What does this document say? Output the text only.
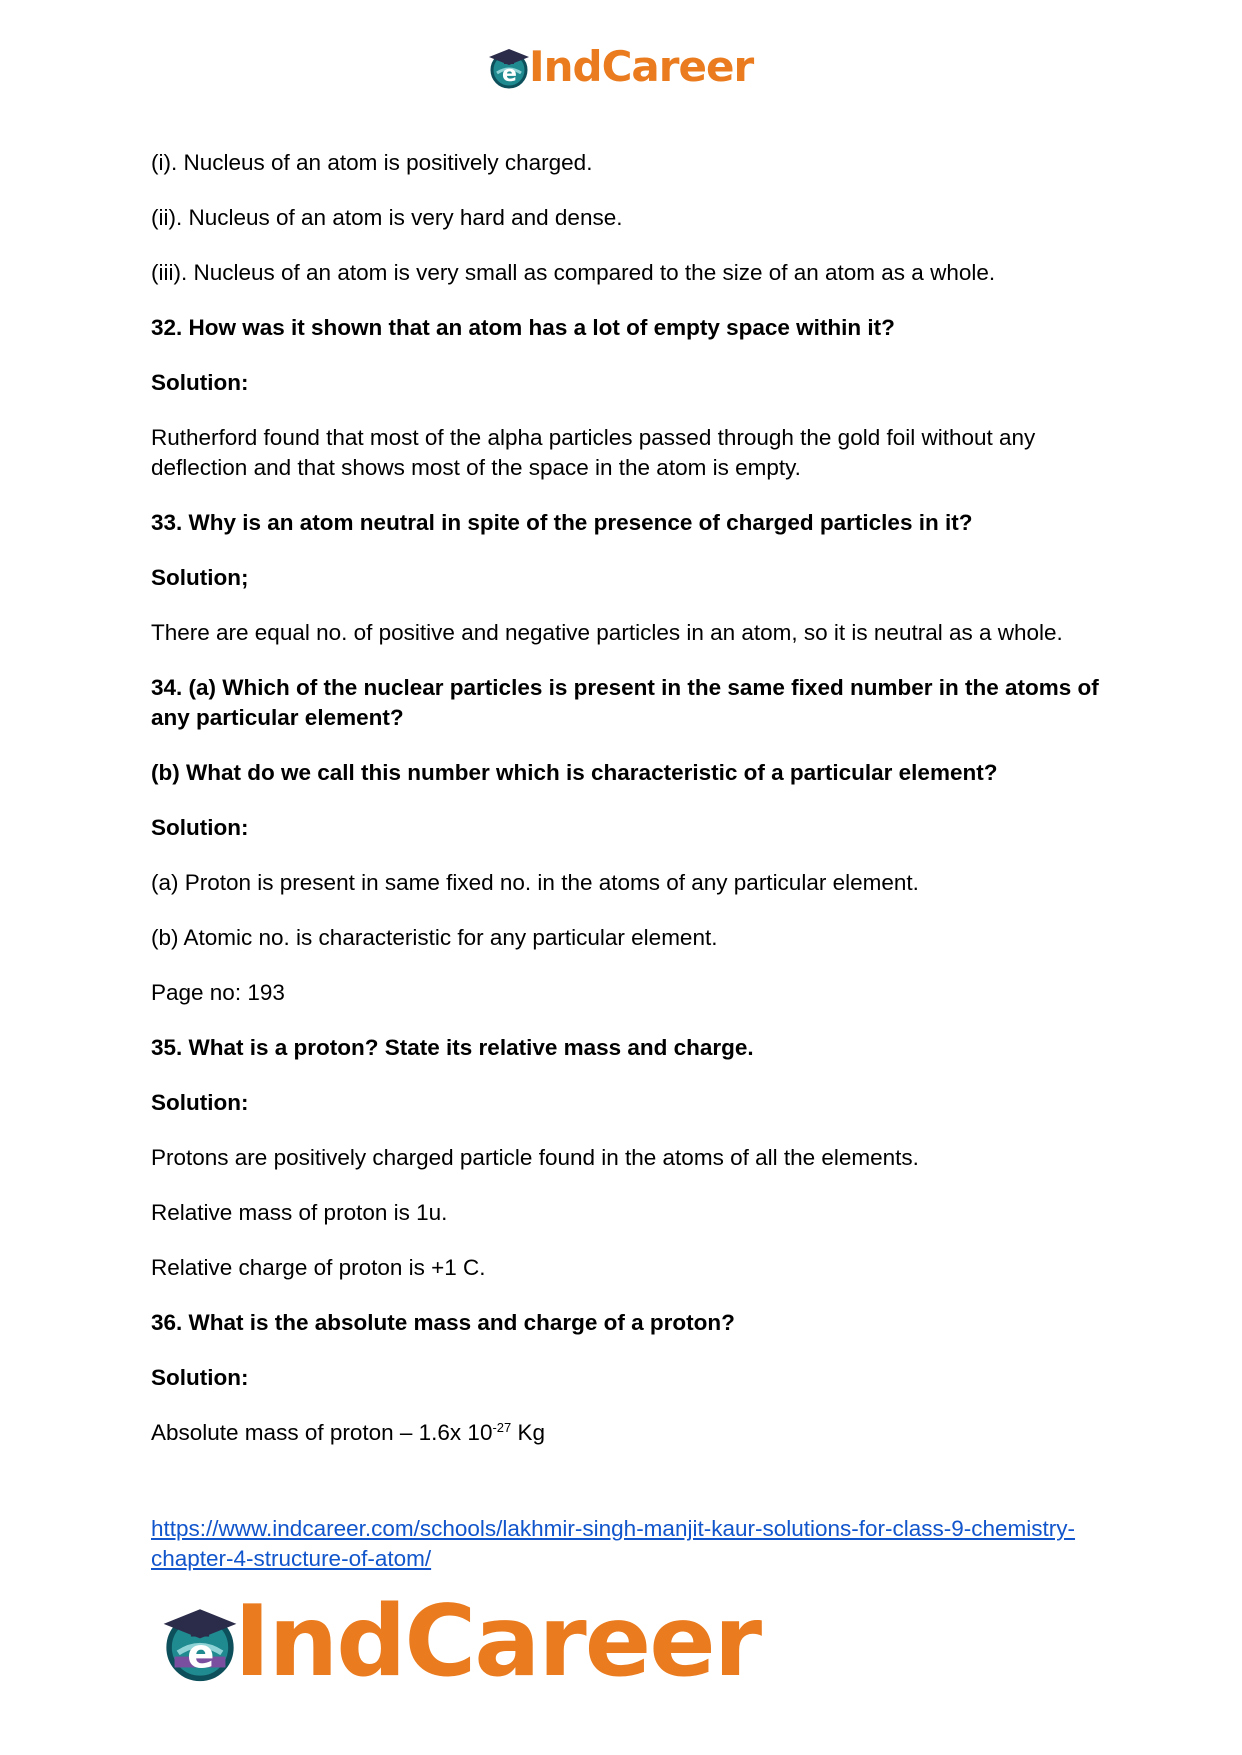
e IndCareer

(i). Nucleus of an atom is positively charged.

(ii). Nucleus of an atom is very hard and dense.

(iii). Nucleus of an atom is very small as compared to the size of an atom as a whole.

32. How was it shown that an atom has a lot of empty space within it?

Solution:

Rutherford found that most of the alpha particles passed through the gold foil without any deflection and that shows most of the space in the atom is empty.

33. Why is an atom neutral in spite of the presence of charged particles in it?

Solution;

There are equal no. of positive and negative particles in an atom, so it is neutral as a whole.

34. (a) Which of the nuclear particles is present in the same fixed number in the atoms of any particular element?

(b) What do we call this number which is characteristic of a particular element?

Solution:

(a) Proton is present in same fixed no. in the atoms of any particular element.

(b) Atomic no. is characteristic for any particular element.

Page no: 193

35. What is a proton? State its relative mass and charge.

Solution:

Protons are positively charged particle found in the atoms of all the elements.

Relative mass of proton is 1u.

Relative charge of proton is +1 C.

36. What is the absolute mass and charge of a proton?

Solution:

Absolute mass of proton – 1.6x $10^{-27}$ Kg

https://www.indcareer.com/schools/lakhmir-singh-manjit-kaur-solutions-for-class-9-chemistry-chapter-4-structure-of-atom/
e IndCareer
